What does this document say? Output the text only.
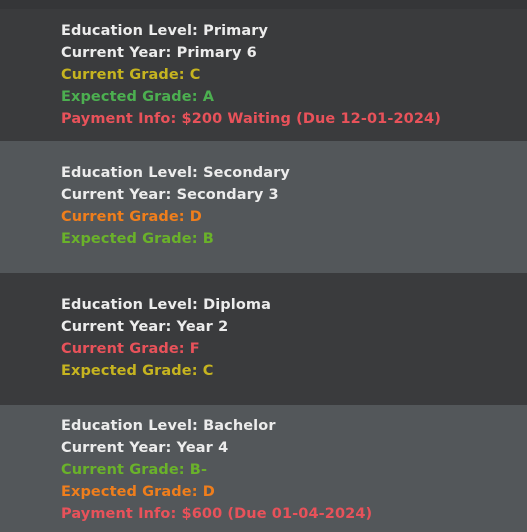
Education Level: Primary
Current Year: Primary 6
Current Grade: C
Expected Grade: A
Payment Info: $200 Waiting (Due 12-01-2024)
Education Level: Secondary
Current Year: Secondary 3
Current Grade: D
Expected Grade: B
Education Level: Diploma
Current Year: Year 2
Current Grade: F
Expected Grade: C
Education Level: Bachelor
Current Year: Year 4
Current Grade: B-
Expected Grade: D
Payment Info: $600 (Due 01-04-2024)
